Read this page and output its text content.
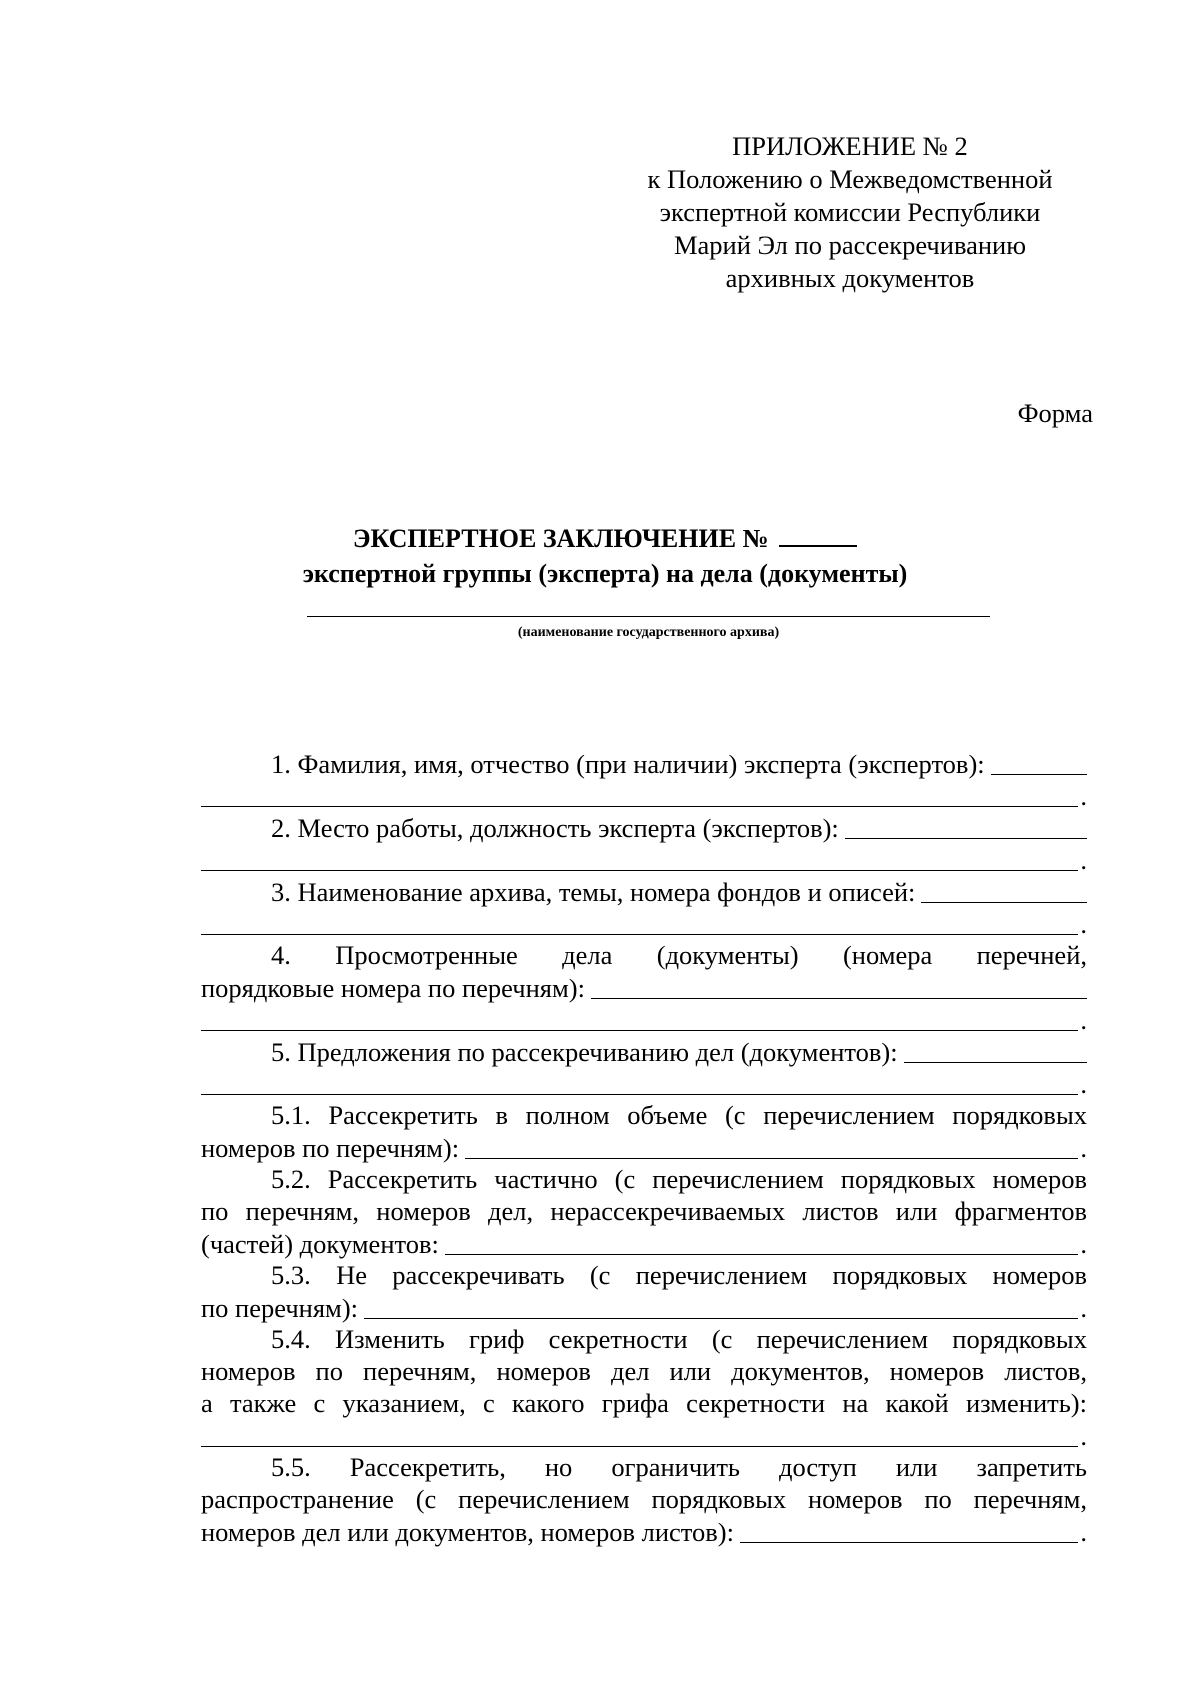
ПРИЛОЖЕНИЕ № 2
к Положению о Межведомственной
экспертной комиссии Республики
Марий Эл по рассекречиванию
архивных документов
Форма
ЭКСПЕРТНОЕ ЗАКЛЮЧЕНИЕ №
экспертной группы (эксперта) на дела (документы)
(наименование государственного архива)
1. Фамилия, имя, отчество (при наличии) эксперта (экспертов):
.
2. Место работы, должность эксперта (экспертов):
.
3. Наименование архива, темы, номера фондов и описей:
.
4. Просмотренные дела (документы) (номера перечней,
порядковые номера по перечням):
.
5. Предложения по рассекречиванию дел (документов):
.
5.1. Рассекретить в полном объеме (с перечислением порядковых
номеров по перечням):	.
5.2. Рассекретить частично (с перечислением порядковых номеров
по перечням, номеров дел, нерассекречиваемых листов или фрагментов
(частей) документов:	.
5.3. Не рассекречивать (с перечислением порядковых номеров
по перечням):	.
5.4. Изменить гриф секретности (с перечислением порядковых
номеров по перечням, номеров дел или документов, номеров листов,
а также с указанием, с какого грифа секретности на какой изменить):
.
5.5. Рассекретить, но ограничить доступ или запретить
распространение (с перечислением порядковых номеров по перечням,
номеров дел или документов, номеров листов):	.
